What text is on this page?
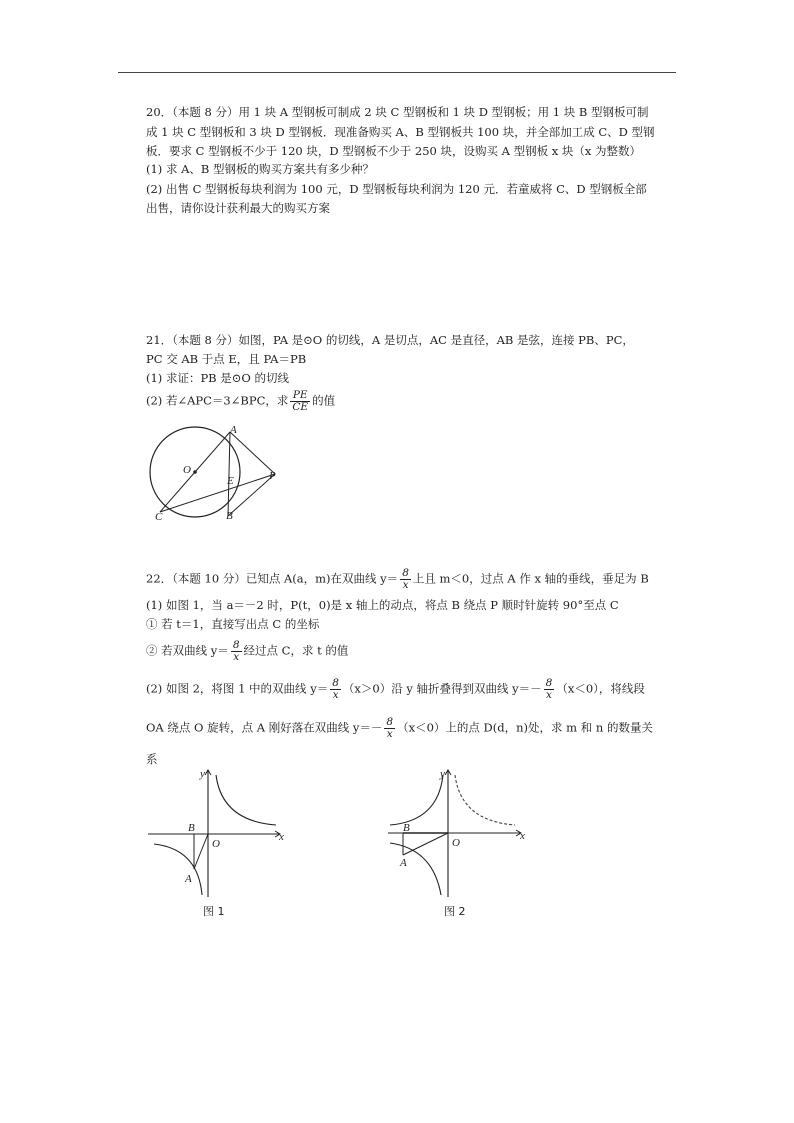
20．（本题 8 分）用 1 块 A 型钢板可制成 2 块 C 型钢板和 1 块 D 型钢板；用 1 块 B 型钢板可制
成 1 块 C 型钢板和 3 块 D 型钢板．现准备购买 A、B 型钢板共 100 块，并全部加工成 C、D 型钢
板．要求 C 型钢板不少于 120 块，D 型钢板不少于 250 块，设购买 A 型钢板 x 块（x 为整数）
(1) 求 A、B 型钢板的购买方案共有多少种？
(2) 出售 C 型钢板每块利润为 100 元，D 型钢板每块利润为 120 元．若童威将 C、D 型钢板全部
出售，请你设计获利最大的购买方案
21．（本题 8 分）如图，PA 是⊙O 的切线，A 是切点，AC 是直径，AB 是弦，连接 PB、PC，
PC 交 AB 于点 E，且 PA＝PB
(1) 求证：PB 是⊙O 的切线
(2) 若∠APC＝3∠BPC，求 $\frac{PE}{CE}$ 的值
A
O
E	P
C	B
22．（本题 10 分）已知点 A(a，m)在双曲线 $y= \frac{8}{x}$ 上且 m＜0，过点 A 作 x 轴的垂线，垂足为 B
(1) 如图 1，当 a＝－2 时，P(t，0)是 x 轴上的动点，将点 B 绕点 P 顺时针旋转 90°至点 C
① 若 t＝1，直接写出点 C 的坐标
② 若双曲线 $y= \frac{8}{x}$ 经过点 C，求 t 的值
(2) 如图 2，将图 1 中的双曲线 $y= \frac{8}{x} (x>0)$沿 y 轴折叠得到双曲线 $y=- \frac{8}{x} (x<0)$，将线段
OA 绕点 O 旋转，点 A 刚好落在双曲线 $y=- \frac{8}{x} (x<0)$上的点 D(d，n)处，求 m 和 n 的数量关
系
y
x
B
O
A
图 1
y
x
B
O
A
图 2
